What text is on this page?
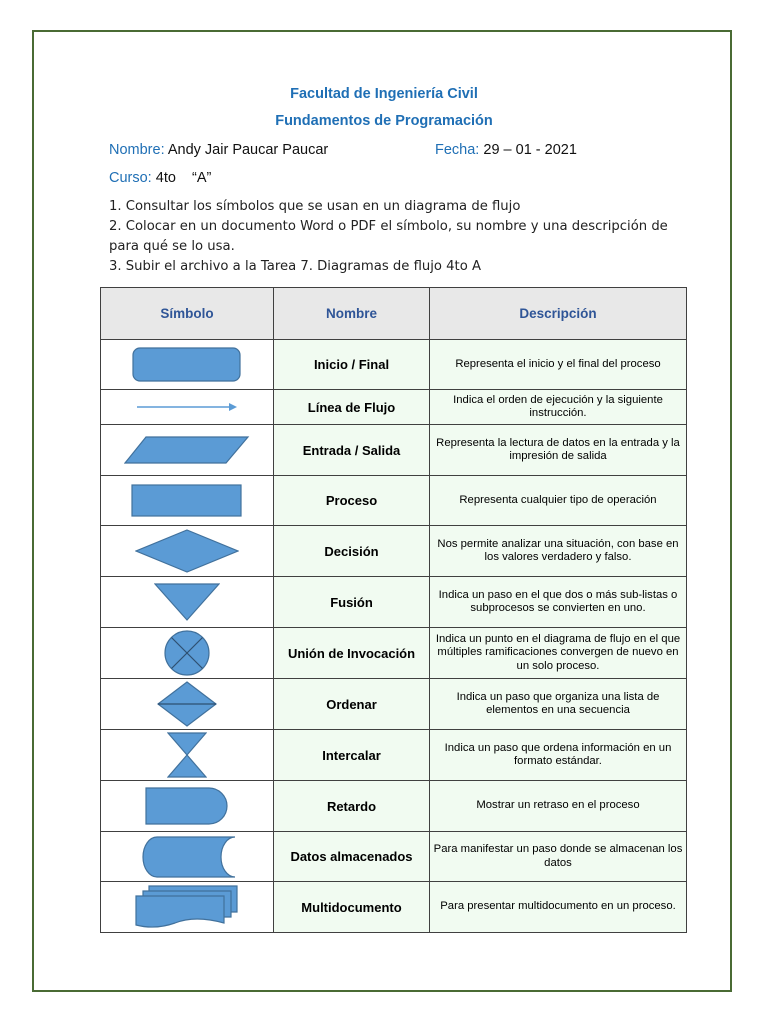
Facultad de Ingeniería Civil
Fundamentos de Programación
Nombre: Andy Jair Paucar Paucar	Fecha: 29 – 01 - 2021
Curso: 4to    “A”
1. Consultar los símbolos que se usan en un diagrama de flujo
2. Colocar en un documento Word o PDF el símbolo, su nombre y una descripción de para qué se lo usa.
3. Subir el archivo a la Tarea 7. Diagramas de flujo 4to A
Símbolo	Nombre	Descripción

	Inicio / Final	Representa el inicio y el final del proceso

	Línea de Flujo	Indica el orden de ejecución y la siguiente instrucción.

	Entrada / Salida	Representa la lectura de datos en la entrada y la impresión de salida

	Proceso	Representa cualquier tipo de operación

	Decisión	Nos permite analizar una situación, con base en los valores verdadero y falso.

	Fusión	Indica un paso en el que dos o más sub-listas o subprocesos se convierten en uno.

	Unión de Invocación	Indica un punto en el diagrama de flujo en el que múltiples ramificaciones convergen de nuevo en un solo proceso.

	Ordenar	Indica un paso que organiza una lista de elementos en una secuencia

	Intercalar	Indica un paso que ordena información en un formato estándar.

	Retardo	Mostrar un retraso en el proceso

	Datos almacenados	Para manifestar un paso donde se almacenan los datos

	Multidocumento	Para presentar multidocumento en un proceso.
